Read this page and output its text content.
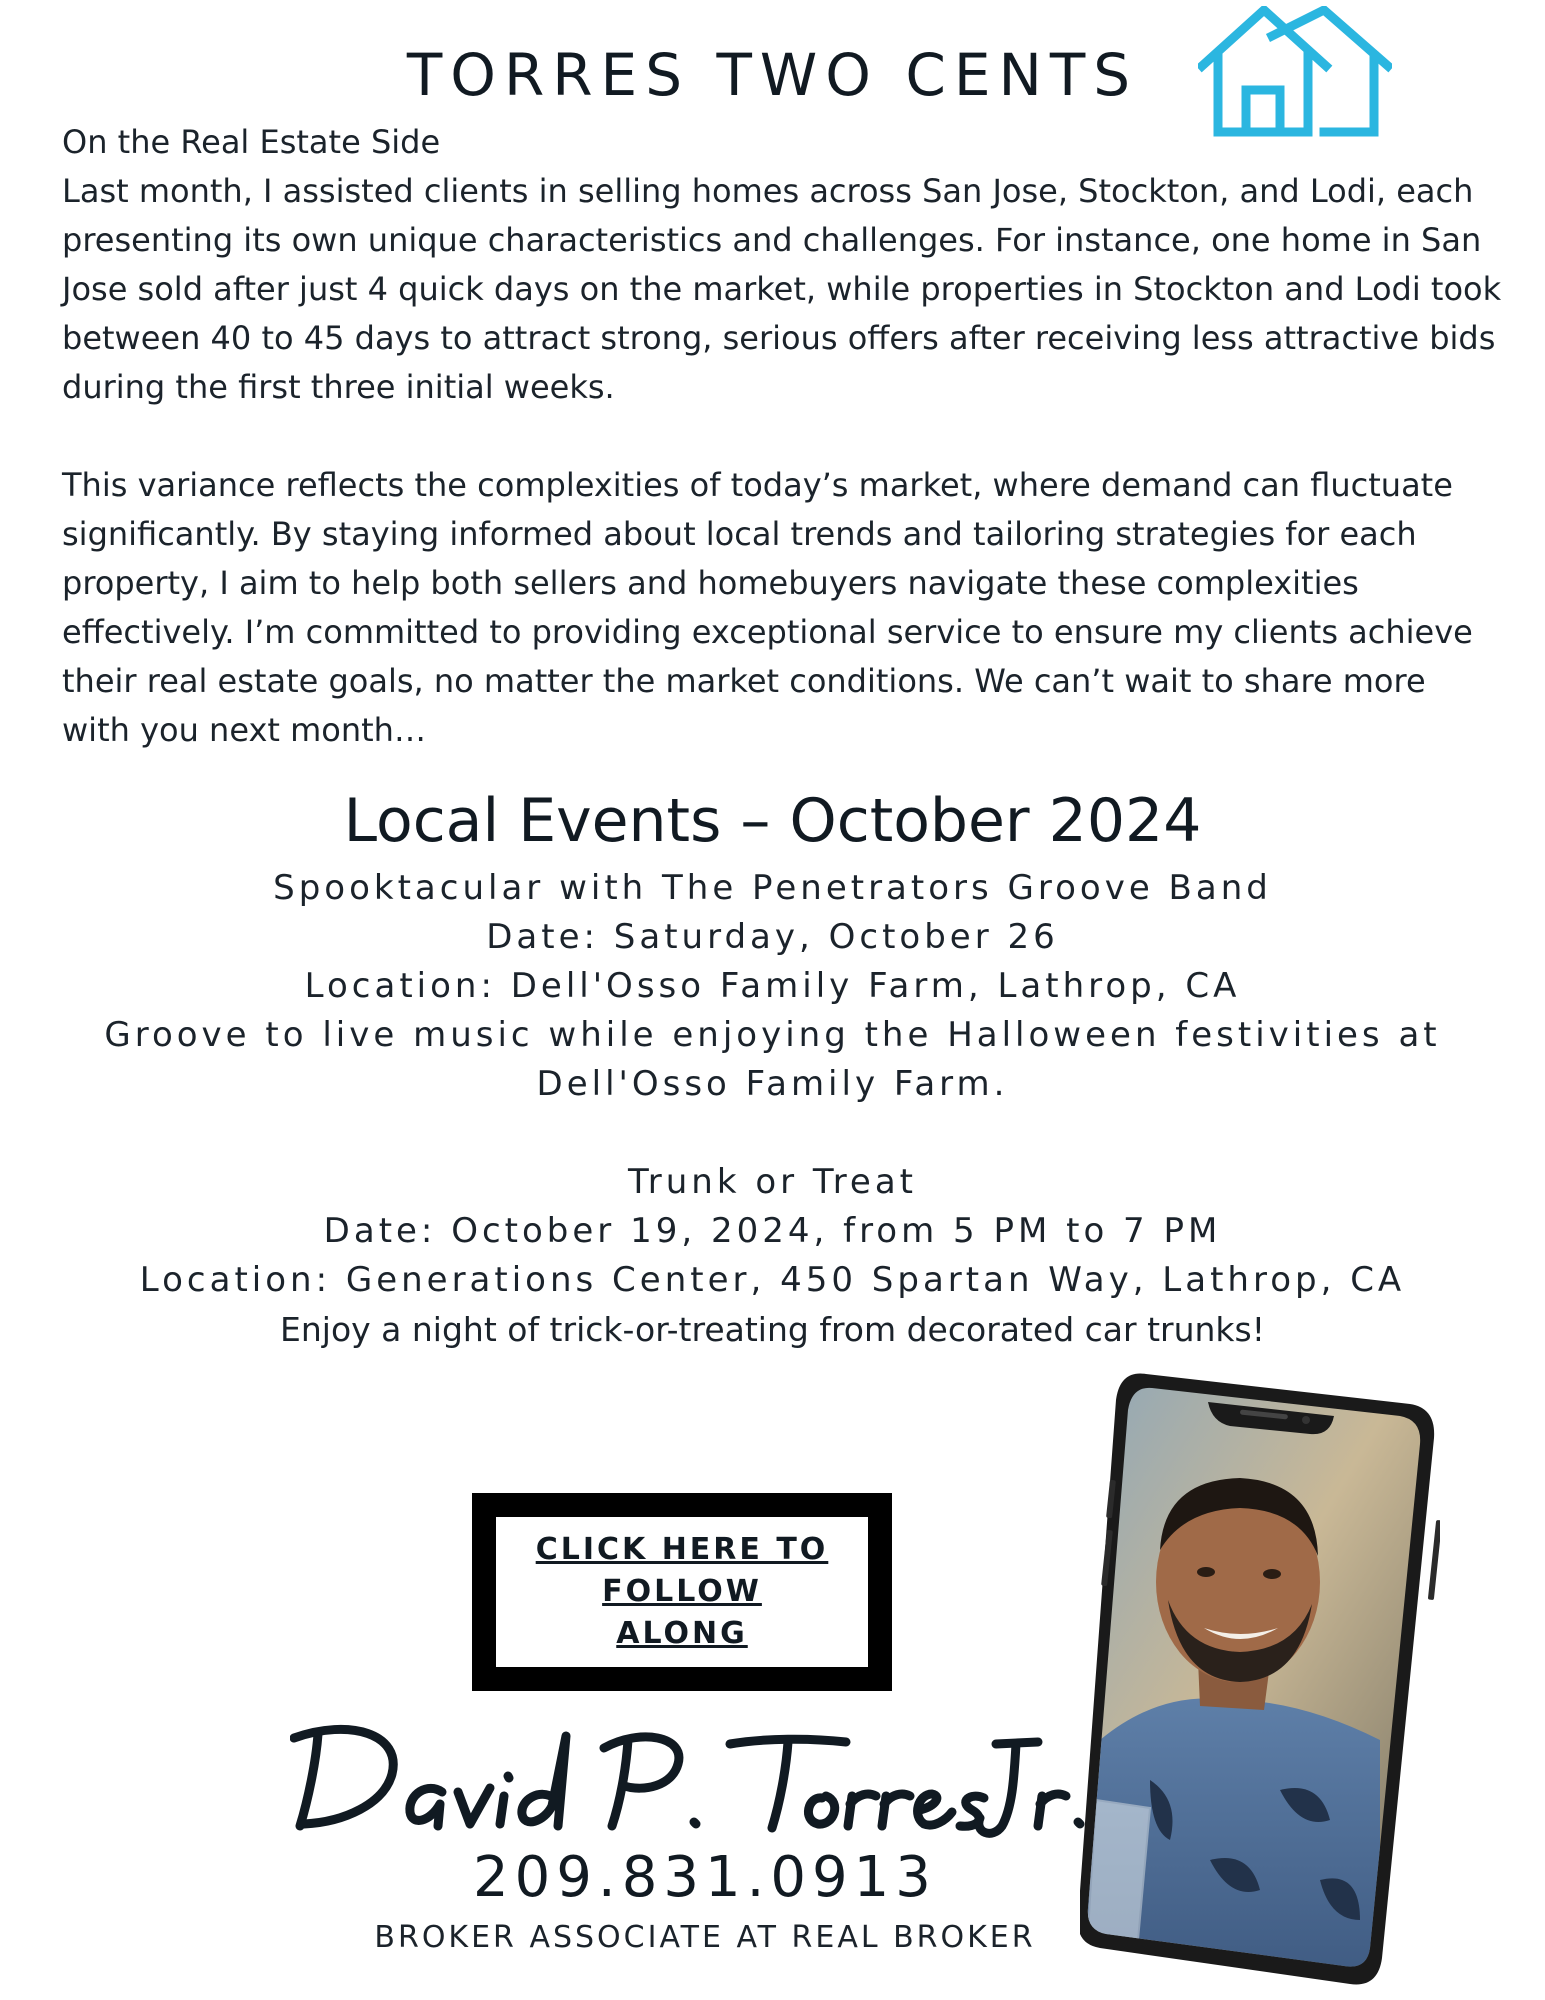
TORRES TWO CENTS

On the Real Estate Side

Last month, I assisted clients in selling homes across San Jose, Stockton, and Lodi, each presenting its own unique characteristics and challenges. For instance, one home in San Jose sold after just 4 quick days on the market, while properties in Stockton and Lodi took between 40 to 45 days to attract strong, serious offers after receiving less attractive bids during the first three initial weeks.

This variance reflects the complexities of today’s market, where demand can fluctuate significantly. By staying informed about local trends and tailoring strategies for each property, I aim to help both sellers and homebuyers navigate these complexities effectively. I’m committed to providing exceptional service to ensure my clients achieve their real estate goals, no matter the market conditions. We can’t wait to share more with you next month…

Local Events – October 2024
Spooktacular with The Penetrators Groove Band
Date: Saturday, October 26
Location: Dell'Osso Family Farm, Lathrop, CA
Groove to live music while enjoying the Halloween festivities at Dell'Osso Family Farm.
Trunk or Treat
Date: October 19, 2024, from 5 PM to 7 PM
Location: Generations Center, 450 Spartan Way, Lathrop, CA
Enjoy a night of trick-or-treating from decorated car trunks!
CLICK HERE TO FOLLOW ALONG
209.831.0913
BROKER ASSOCIATE AT REAL BROKER
